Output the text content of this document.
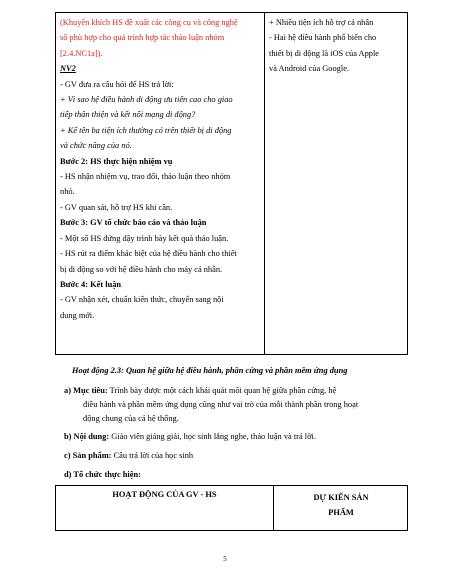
(Khuyến khích HS đề xuất các công cụ và công nghệ
số phù hợp cho quá trình hợp tác thảo luận nhóm
[2.4.NC1a]).
NV2
- GV đưa ra câu hỏi để HS trả lời:
+ Vì sao hệ điều hành di động ưu tiên cao cho giao
tiếp thân thiện và kết nối mạng di động?
+ Kể tên ba tiện ích thường có trên thiết bị di động
và chức năng của nó.
Bước 2: HS thực hiện nhiệm vụ
- HS nhận nhiệm vụ, trao đổi, thảo luận theo nhóm
nhỏ.
- GV quan sát, hỗ trợ HS khi cần.
Bước 3: GV tổ chức báo cáo và thảo luận
- Một số HS đứng dậy trình bày kết quả thảo luận.
- HS rút ra điểm khác biệt của hệ điều hành cho thiết
bị di động so với hệ điều hành cho máy cá nhân.
Bước 4: Kết luận
- GV nhận xét, chuẩn kiến thức, chuyển sang nội
dung mới.
+ Nhiều tiện ích hỗ trợ cá nhân
- Hai hệ điều hành phổ biến cho
thiết bị di động là iOS của Apple
và Android của Google.
Hoạt động 2.3: Quan hệ giữa hệ điều hành, phần cứng và phần mềm ứng dụng
a) Mục tiêu: Trình bày được một cách khái quát mối quan hệ giữa phần cứng, hệ
điều hành và phần mềm ứng dụng cũng như vai trò của mỗi thành phần trong hoạt
động chung của cả hệ thống.
b) Nội dung: Giáo viên giảng giải, học sinh lắng nghe, thảo luận và trả lời.
c) Sản phẩm: Câu trả lời của học sinh
d) Tổ chức thực hiện:
HOẠT ĐỘNG CỦA GV - HS	DỰ KIẾN SẢN
PHẨM
5
